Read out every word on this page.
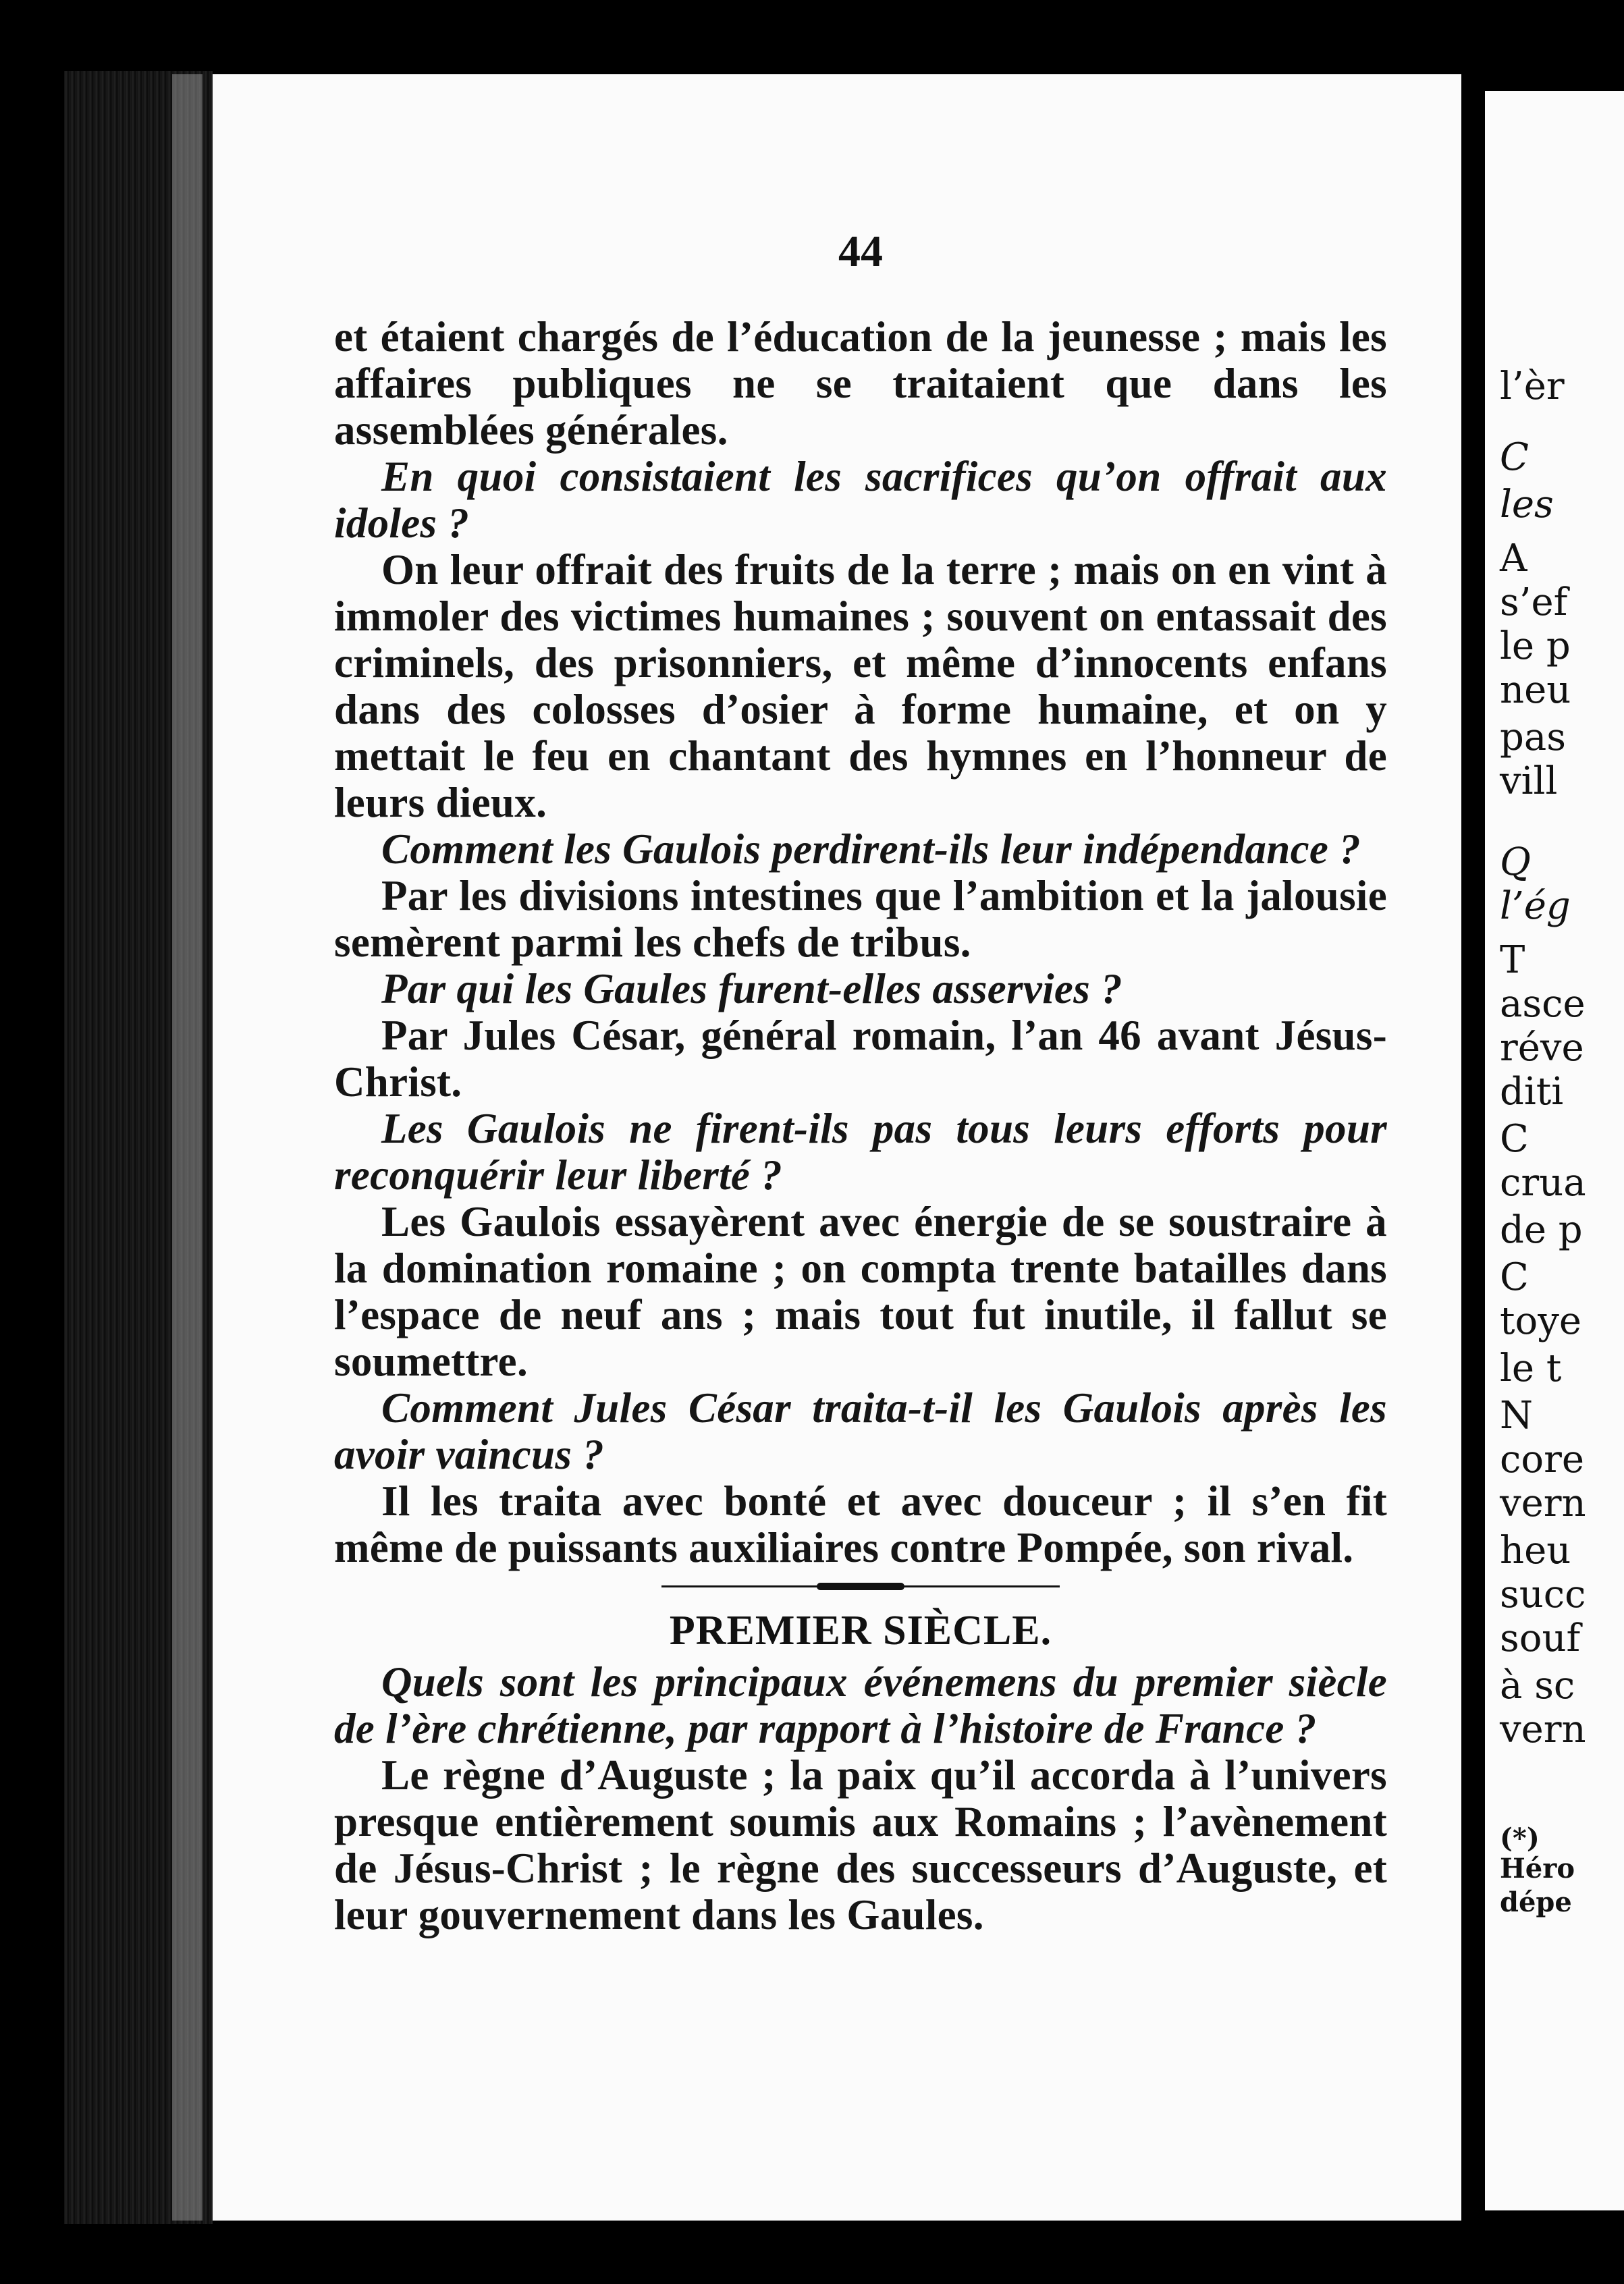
44

et étaient chargés de l’éducation de la jeunesse ; mais les affaires publiques ne se traitaient que dans les assemblées générales.

En quoi consistaient les sacrifices qu’on offrait aux idoles ?

On leur offrait des fruits de la terre ; mais on en vint à immoler des victimes humaines ; souvent on entassait des criminels, des prisonniers, et même d’innocents enfans dans des colosses d’osier à forme humaine, et on y mettait le feu en chantant des hymnes en l’honneur de leurs dieux.

Comment les Gaulois perdirent-ils leur indépendance ?

Par les divisions intestines que l’ambition et la jalousie semèrent parmi les chefs de tribus.

Par qui les Gaules furent-elles asservies ?

Par Jules César, général romain, l’an 46 avant Jésus-Christ.

Les Gaulois ne firent-ils pas tous leurs efforts pour reconquérir leur liberté ?

Les Gaulois essayèrent avec énergie de se soustraire à la domination romaine ; on compta trente batailles dans l’espace de neuf ans ; mais tout fut inutile, il fallut se soumettre.

Comment Jules César traita-t-il les Gaulois après les avoir vaincus ?

Il les traita avec bonté et avec douceur ; il s’en fit même de puissants auxiliaires contre Pompée, son rival.

PREMIER SIÈCLE.

Quels sont les principaux événemens du premier siècle de l’ère chrétienne, par rapport à l’histoire de France ?

Le règne d’Auguste ; la paix qu’il accorda à l’univers presque entièrement soumis aux Romains ; l’avènement de Jésus-Christ ; le règne des successeurs d’Auguste, et leur gouvernement dans les Gaules.

l’èr
C
les
A
s’ef
le p
neu
pas
vill
Q
l’ég
T
asce
réve
diti
C
crua
de p
C
toye
le t
N
core
vern
heu
succ
souf
à sc
vern
(*)
Héro
dépe
